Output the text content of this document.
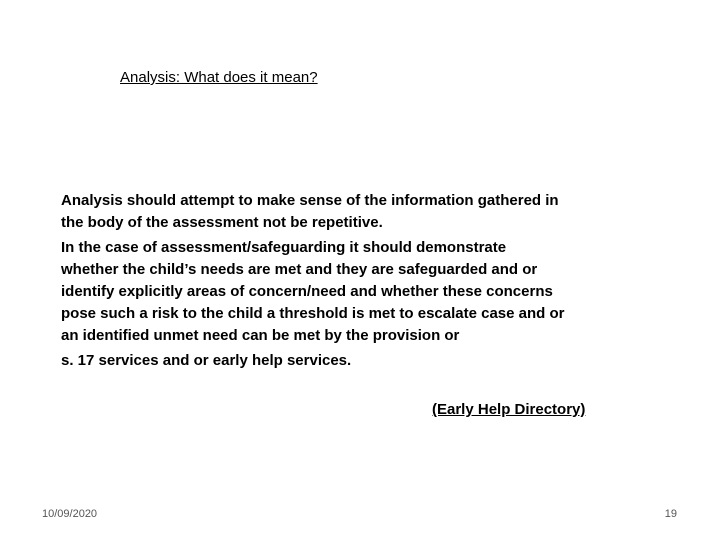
Analysis: What does it mean?
Analysis should attempt to make sense of the information gathered in
the body of the assessment not be repetitive.
In the case of assessment/safeguarding it should demonstrate
whether the child’s needs are met and they are safeguarded and or
identify explicitly areas of concern/need and whether these concerns
pose such a risk to the child a threshold is met to escalate case and or
an identified unmet need can be met by the provision or
s. 17 services and or early help services.
(Early Help Directory)
10/09/2020	19
